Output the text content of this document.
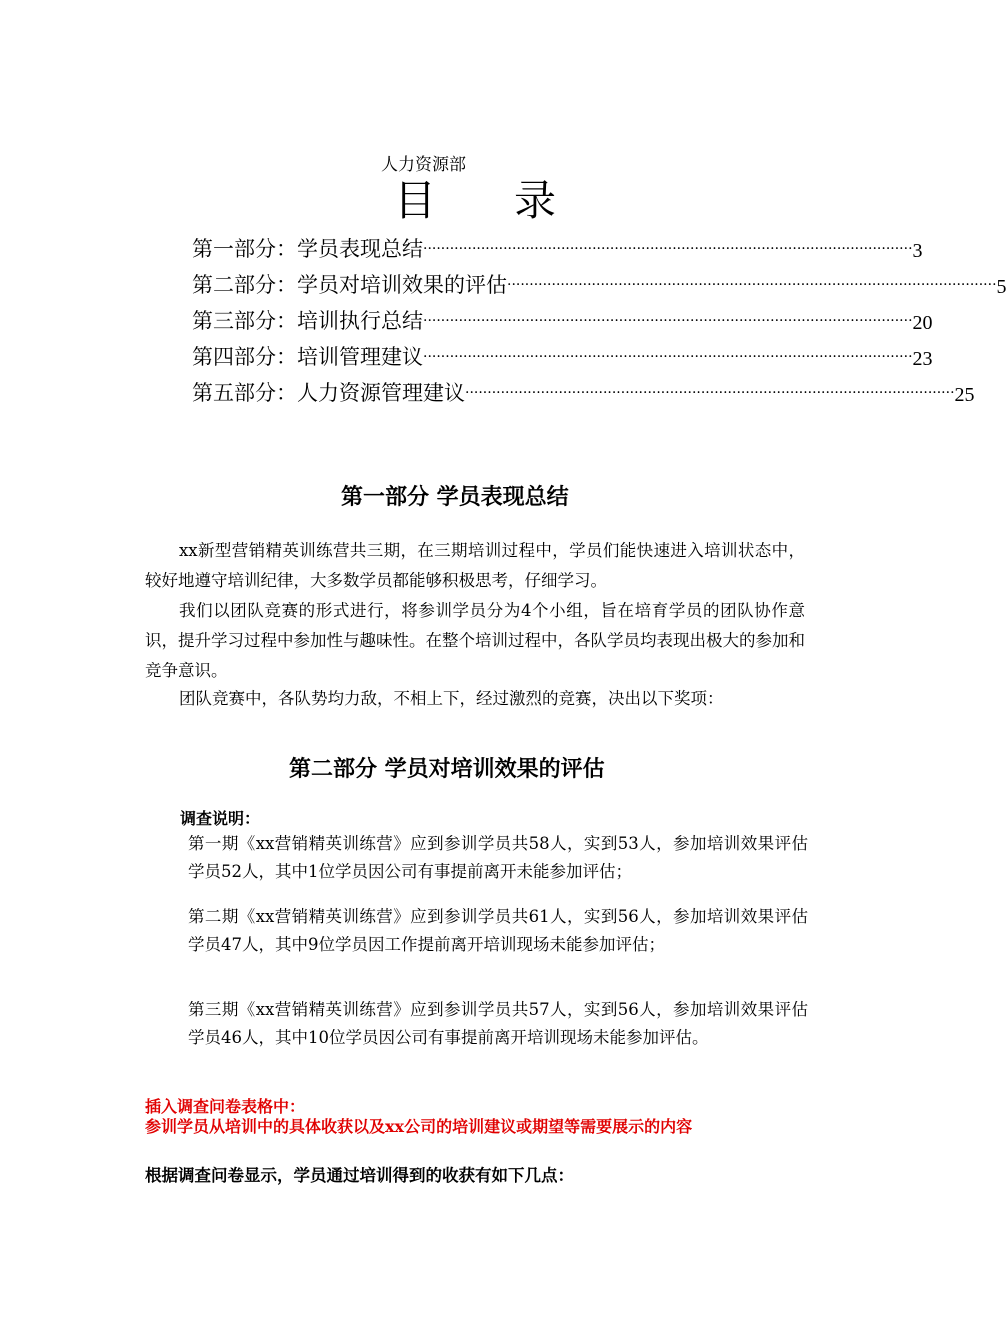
人力资源部
目 录
第一部分：学员表现总结 ·············································································································· 3
第二部分：学员对培训效果的评估 ·············································································································· 5
第三部分：培训执行总结 ·············································································································· 20
第四部分：培训管理建议 ·············································································································· 23
第五部分：人力资源管理建议 ·············································································································· 25
第一部分 学员表现总结
xx新型营销精英训练营共三期，在三期培训过程中，学员们能快速进入培训状态中，较好地遵守培训纪律，大多数学员都能够积极思考，仔细学习。
我们以团队竞赛的形式进行，将参训学员分为4个小组，旨在培育学员的团队协作意识，提升学习过程中参加性与趣味性。在整个培训过程中，各队学员均表现出极大的参加和竞争意识。
团队竞赛中，各队势均力敌，不相上下，经过激烈的竞赛，决出以下奖项：
第二部分 学员对培训效果的评估
调查说明：
第一期《xx营销精英训练营》应到参训学员共58人，实到53人，参加培训效果评估学员52人，其中1位学员因公司有事提前离开未能参加评估；
第二期《xx营销精英训练营》应到参训学员共61人，实到56人，参加培训效果评估学员47人，其中9位学员因工作提前离开培训现场未能参加评估；
第三期《xx营销精英训练营》应到参训学员共57人，实到56人，参加培训效果评估学员46人，其中10位学员因公司有事提前离开培训现场未能参加评估。
插入调查问卷表格中：
参训学员从培训中的具体收获以及xx公司的培训建议或期望等需要展示的内容
根据调查问卷显示，学员通过培训得到的收获有如下几点：
